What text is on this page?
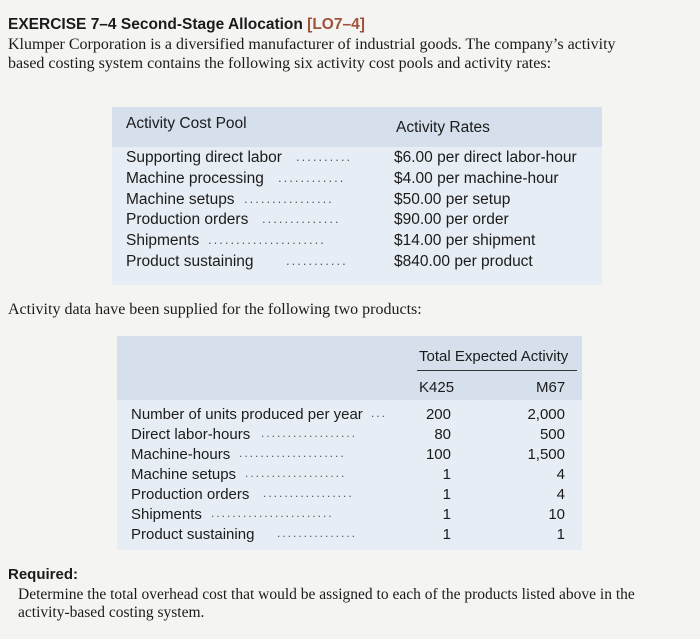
EXERCISE 7–4 Second-Stage Allocation [LO7–4]
Klumper Corporation is a diversified manufacturer of industrial goods. The company’s activity
based costing system contains the following six activity cost pools and activity rates:
Activity Cost Pool	Activity Rates
Supporting direct labor ..........	$6.00 per direct labor-hour
Machine processing ............	$4.00 per machine-hour
Machine setups ................	$50.00 per setup
Production orders ..............	$90.00 per order
Shipments .....................	$14.00 per shipment
Product sustaining ...........	$840.00 per product
Activity data have been supplied for the following two products:
Total Expected Activity
K425	M67
Number of units produced per year ...	200	2,000
Direct labor-hours ..................	80	500
Machine-hours ....................	100	1,500
Machine setups ...................	1	4
Production orders .................	1	4
Shipments .......................	1	10
Product sustaining ...............	1	1
Required:
Determine the total overhead cost that would be assigned to each of the products listed above in the
activity-based costing system.
